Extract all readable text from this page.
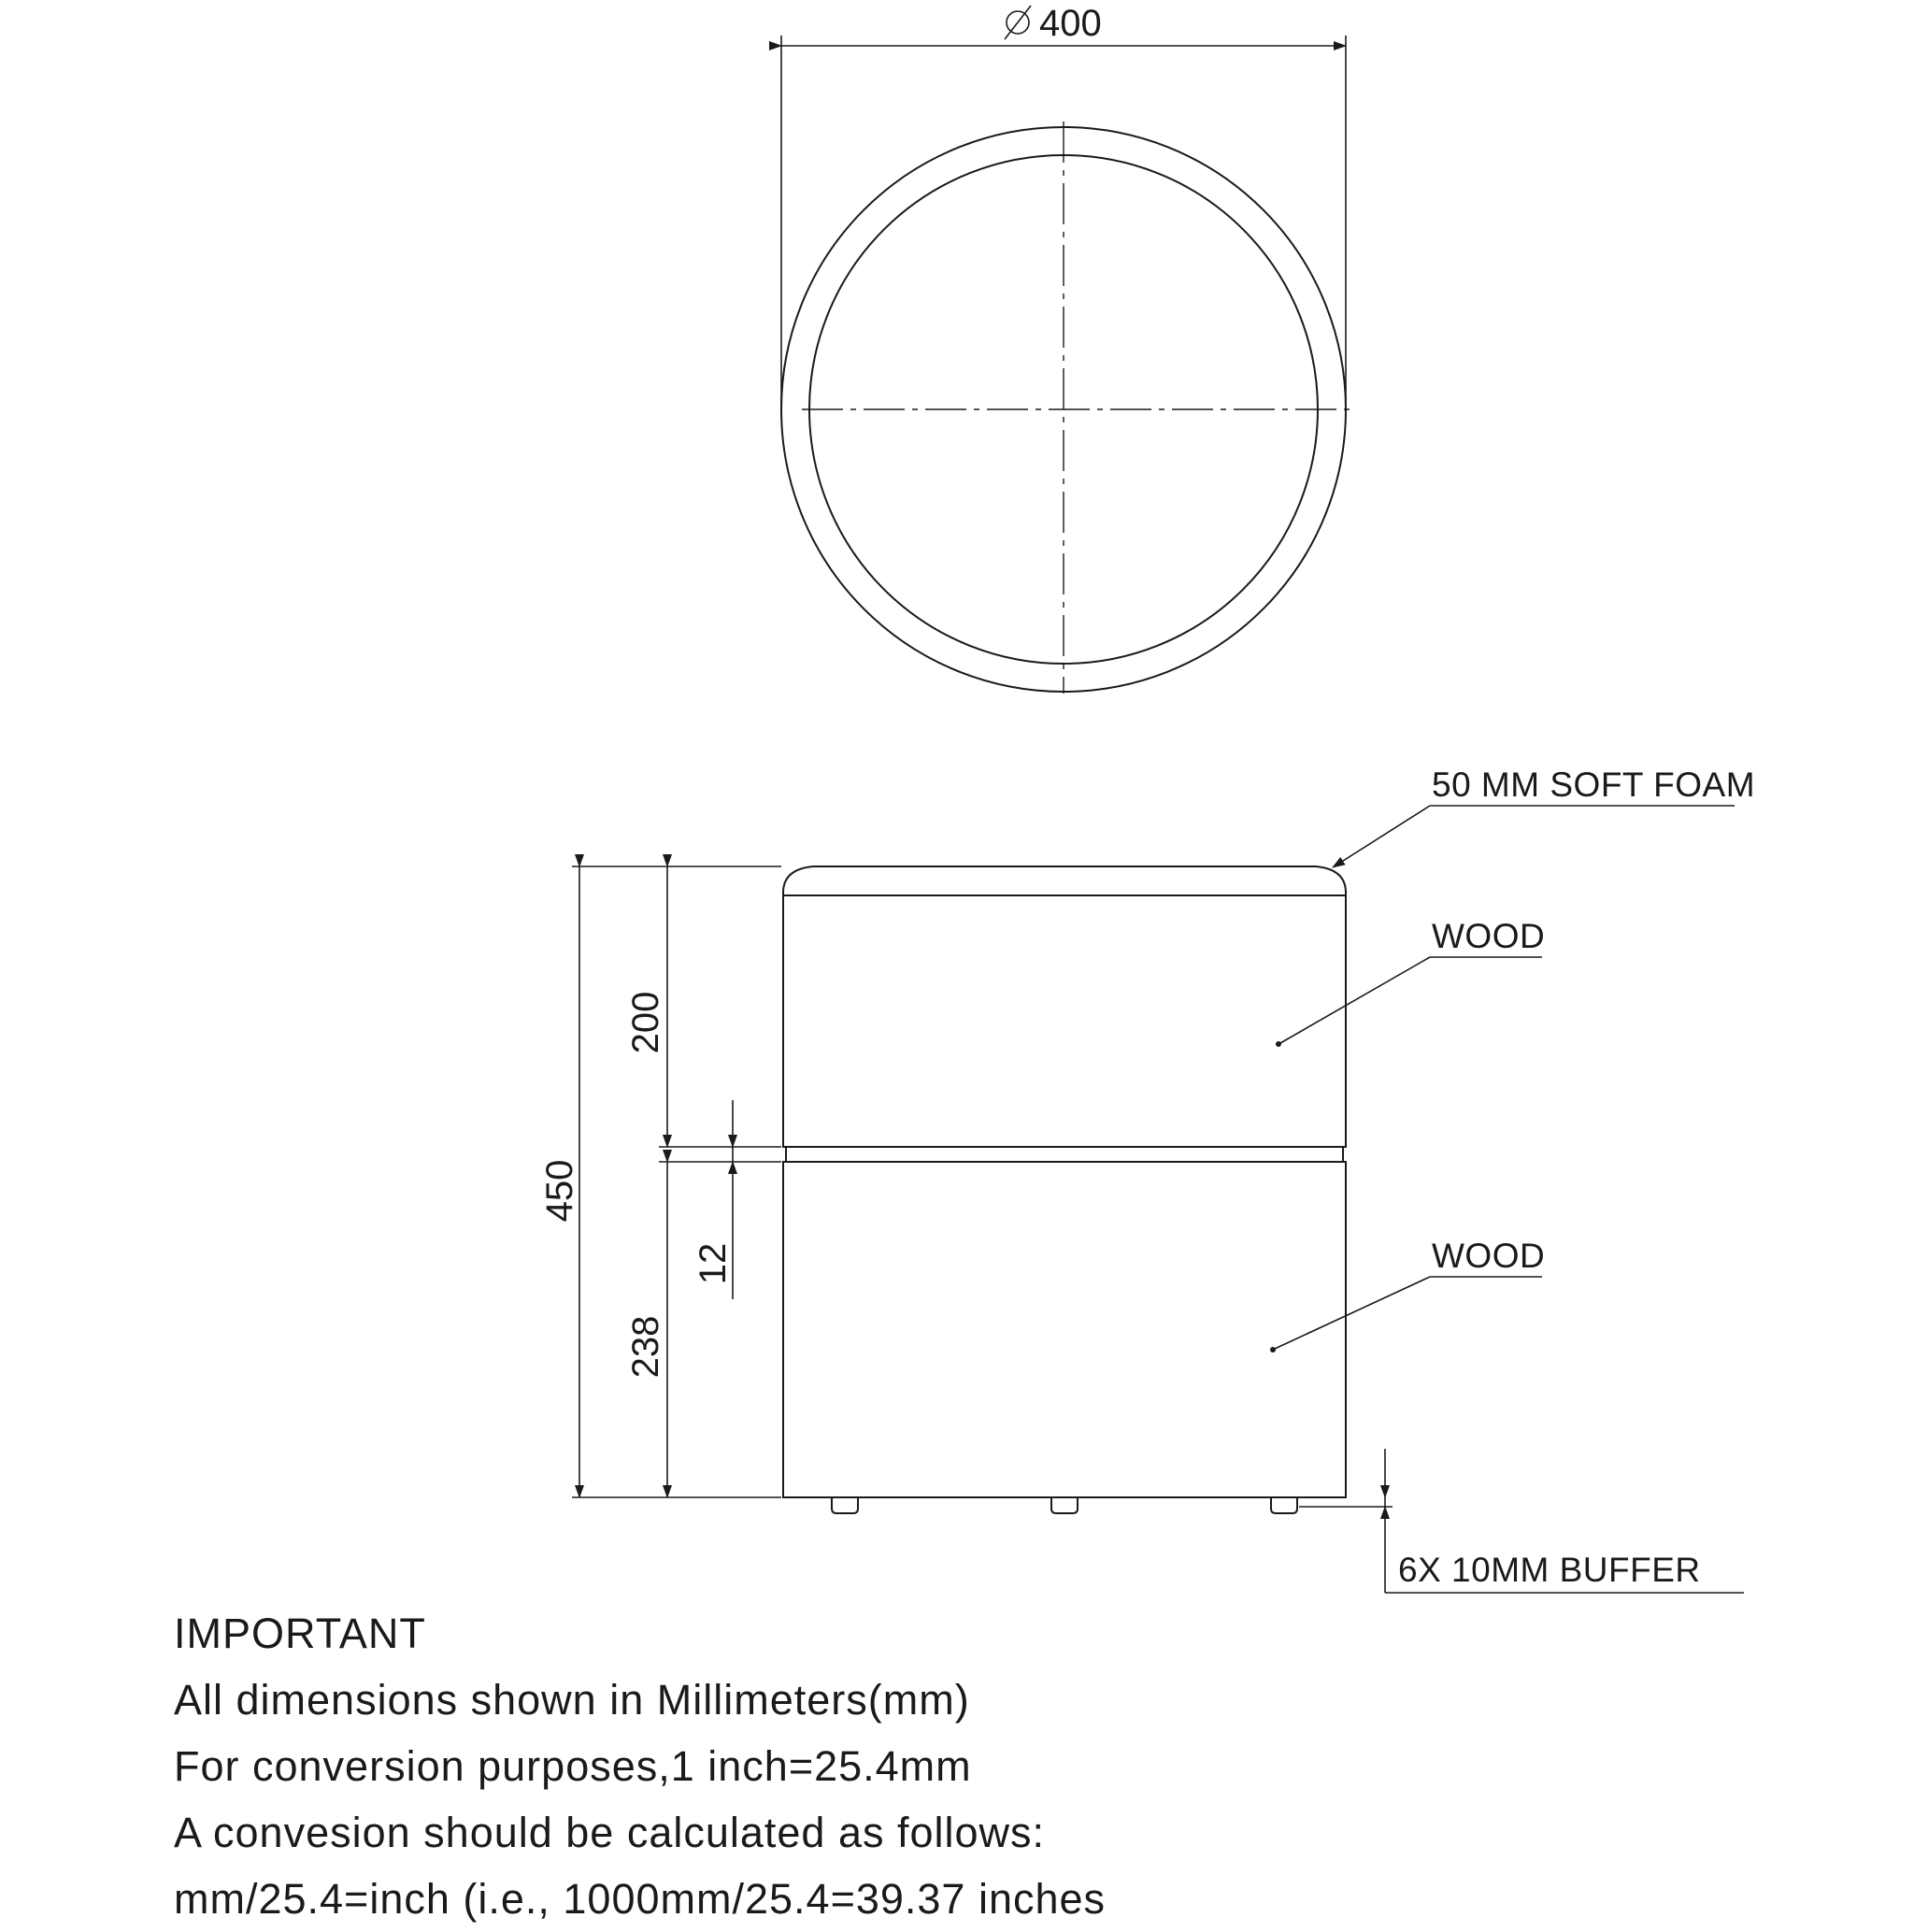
400
450
200
238
12
50 MM SOFT FOAM
WOOD
WOOD
6X 10MM BUFFER
IMPORTANT
All dimensions shown in Millimeters(mm)
For conversion purposes,1 inch=25.4mm
A convesion should be calculated as follows:
mm/25.4=inch (i.e., 1000mm/25.4=39.37 inches
